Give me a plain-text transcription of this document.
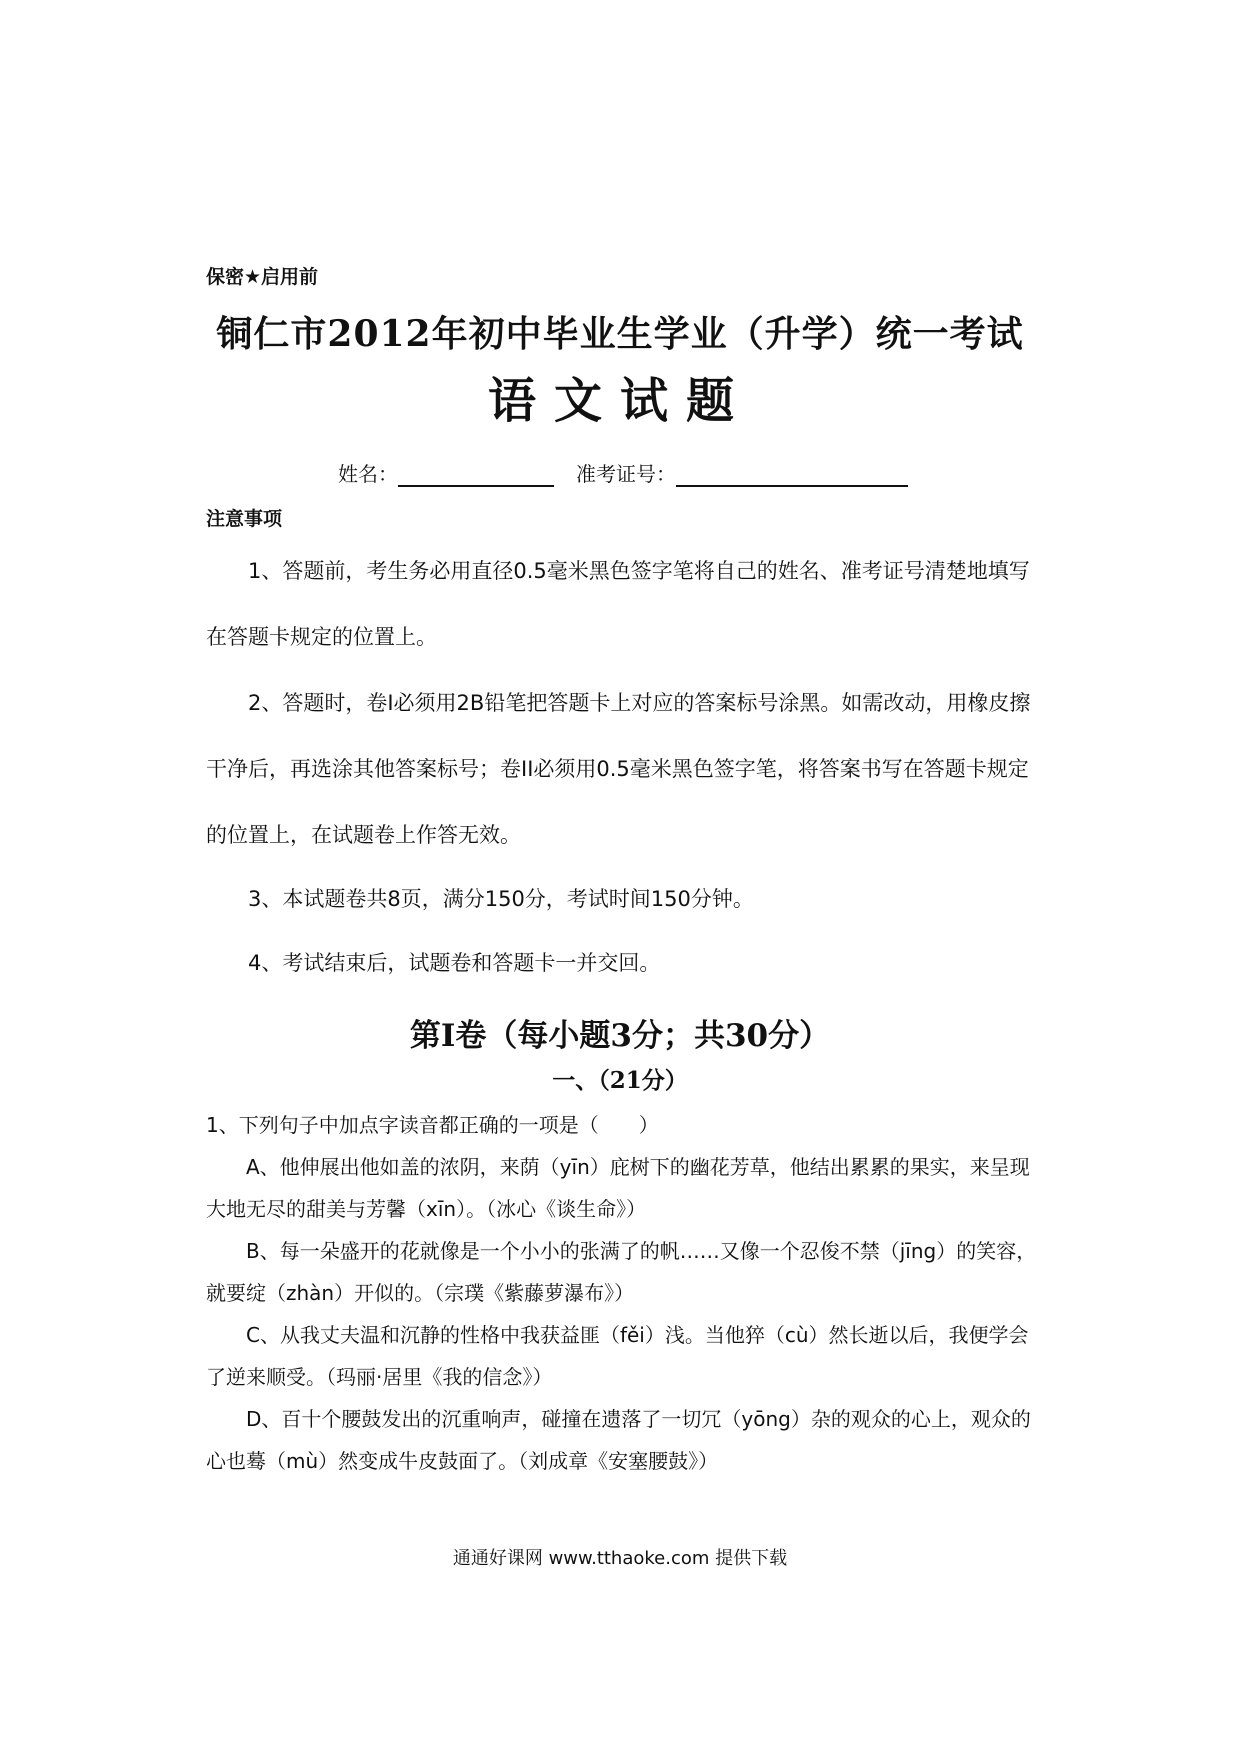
保密★启用前
铜仁市2012年初中毕业生学业（升学）统一考试
语文试题
姓名：	准考证号：
注意事项

1、答题前，考生务必用直径0.5毫米黑色签字笔将自己的姓名、准考证号清楚地填写在答题卡规定的位置上。

2、答题时，卷I必须用2B铅笔把答题卡上对应的答案标号涂黑。如需改动，用橡皮擦干净后，再选涂其他答案标号；卷II必须用0.5毫米黑色签字笔，将答案书写在答题卡规定的位置上，在试题卷上作答无效。

3、本试题卷共8页，满分150分，考试时间150分钟。

4、考试结束后，试题卷和答题卡一并交回。

第I卷（每小题3分；共30分）
一、（21分）

1、下列句子中加点字读音都正确的一项是（　　）

A、他伸展出他如盖的浓阴，来荫（yīn）庇树下的幽花芳草，他结出累累的果实，来呈现大地无尽的甜美与芳馨（xīn）。（冰心《谈生命》）

B、每一朵盛开的花就像是一个小小的张满了的帆……又像一个忍俊不禁（jīng）的笑容，就要绽（zhàn）开似的。（宗璞《紫藤萝瀑布》）

C、从我丈夫温和沉静的性格中我获益匪（fěi）浅。当他猝（cù）然长逝以后，我便学会了逆来顺受。（玛丽·居里《我的信念》）

D、百十个腰鼓发出的沉重响声，碰撞在遗落了一切冗（yōng）杂的观众的心上，观众的心也蓦（mù）然变成牛皮鼓面了。（刘成章《安塞腰鼓》）

通通好课网 www.tthaoke.com 提供下载
